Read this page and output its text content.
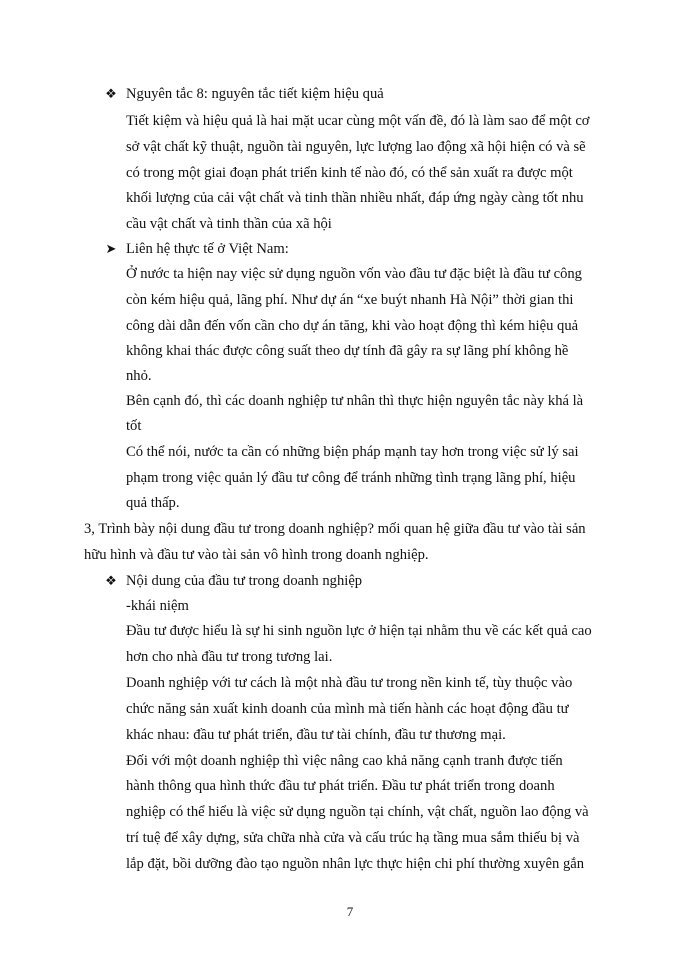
❖ Nguyên tắc 8: nguyên tắc tiết kiệm hiệu quả
Tiết kiệm và hiệu quả là hai mặt ucar cùng một vấn đề, đó là làm sao để một cơ
sở vật chất kỹ thuật, nguồn tài nguyên, lực lượng lao động xã hội hiện có và sẽ
có trong một giai đoạn phát triển kinh tế nào đó, có thể sản xuất ra được một
khối lượng của cải vật chất và tinh thần nhiều nhất, đáp ứng ngày càng tốt nhu
cầu vật chất và tinh thần của xã hội
➤ Liên hệ thực tế ở Việt Nam:
Ở nước ta hiện nay việc sử dụng nguồn vốn vào đầu tư đặc biệt là đầu tư công
còn kém hiệu quả, lãng phí. Như dự án “xe buýt nhanh Hà Nội” thời gian thi
công dài dẫn đến vốn cần cho dự án tăng, khi vào hoạt động thì kém hiệu quả
không khai thác được công suất theo dự tính đã gây ra sự lãng phí không hề
nhỏ.
Bên cạnh đó, thì các doanh nghiệp tư nhân thì thực hiện nguyên tắc này khá là
tốt
Có thể nói, nước ta cần có những biện pháp mạnh tay hơn trong việc sử lý sai
phạm trong việc quản lý đầu tư công để tránh những tình trạng lãng phí, hiệu
quả thấp.
3, Trình bày nội dung đầu tư trong doanh nghiệp? mối quan hệ giữa đầu tư vào tài sản
hữu hình và đầu tư vào tài sản vô hình trong doanh nghiệp.
❖ Nội dung của đầu tư trong doanh nghiệp
-khái niệm
Đầu tư được hiểu là sự hi sinh nguồn lực ở hiện tại nhằm thu về các kết quả cao
hơn cho nhà đầu tư trong tương lai.
Doanh nghiệp với tư cách là một nhà đầu tư trong nền kinh tế, tùy thuộc vào
chức năng sản xuất kinh doanh của mình mà tiến hành các hoạt động đầu tư
khác nhau: đầu tư phát triển, đầu tư tài chính, đầu tư thương mại.
Đối với một doanh nghiệp thì việc nâng cao khả năng cạnh tranh được tiến
hành thông qua hình thức đầu tư phát triển. Đầu tư phát triển trong doanh
nghiệp có thể hiểu là việc sử dụng nguồn tại chính, vật chất, nguồn lao động và
trí tuệ để xây dựng, sửa chữa nhà cửa và cấu trúc hạ tầng mua sắm thiếu bị và
lắp đặt, bồi dưỡng đào tạo nguồn nhân lực thực hiện chi phí thường xuyên gắn
7
